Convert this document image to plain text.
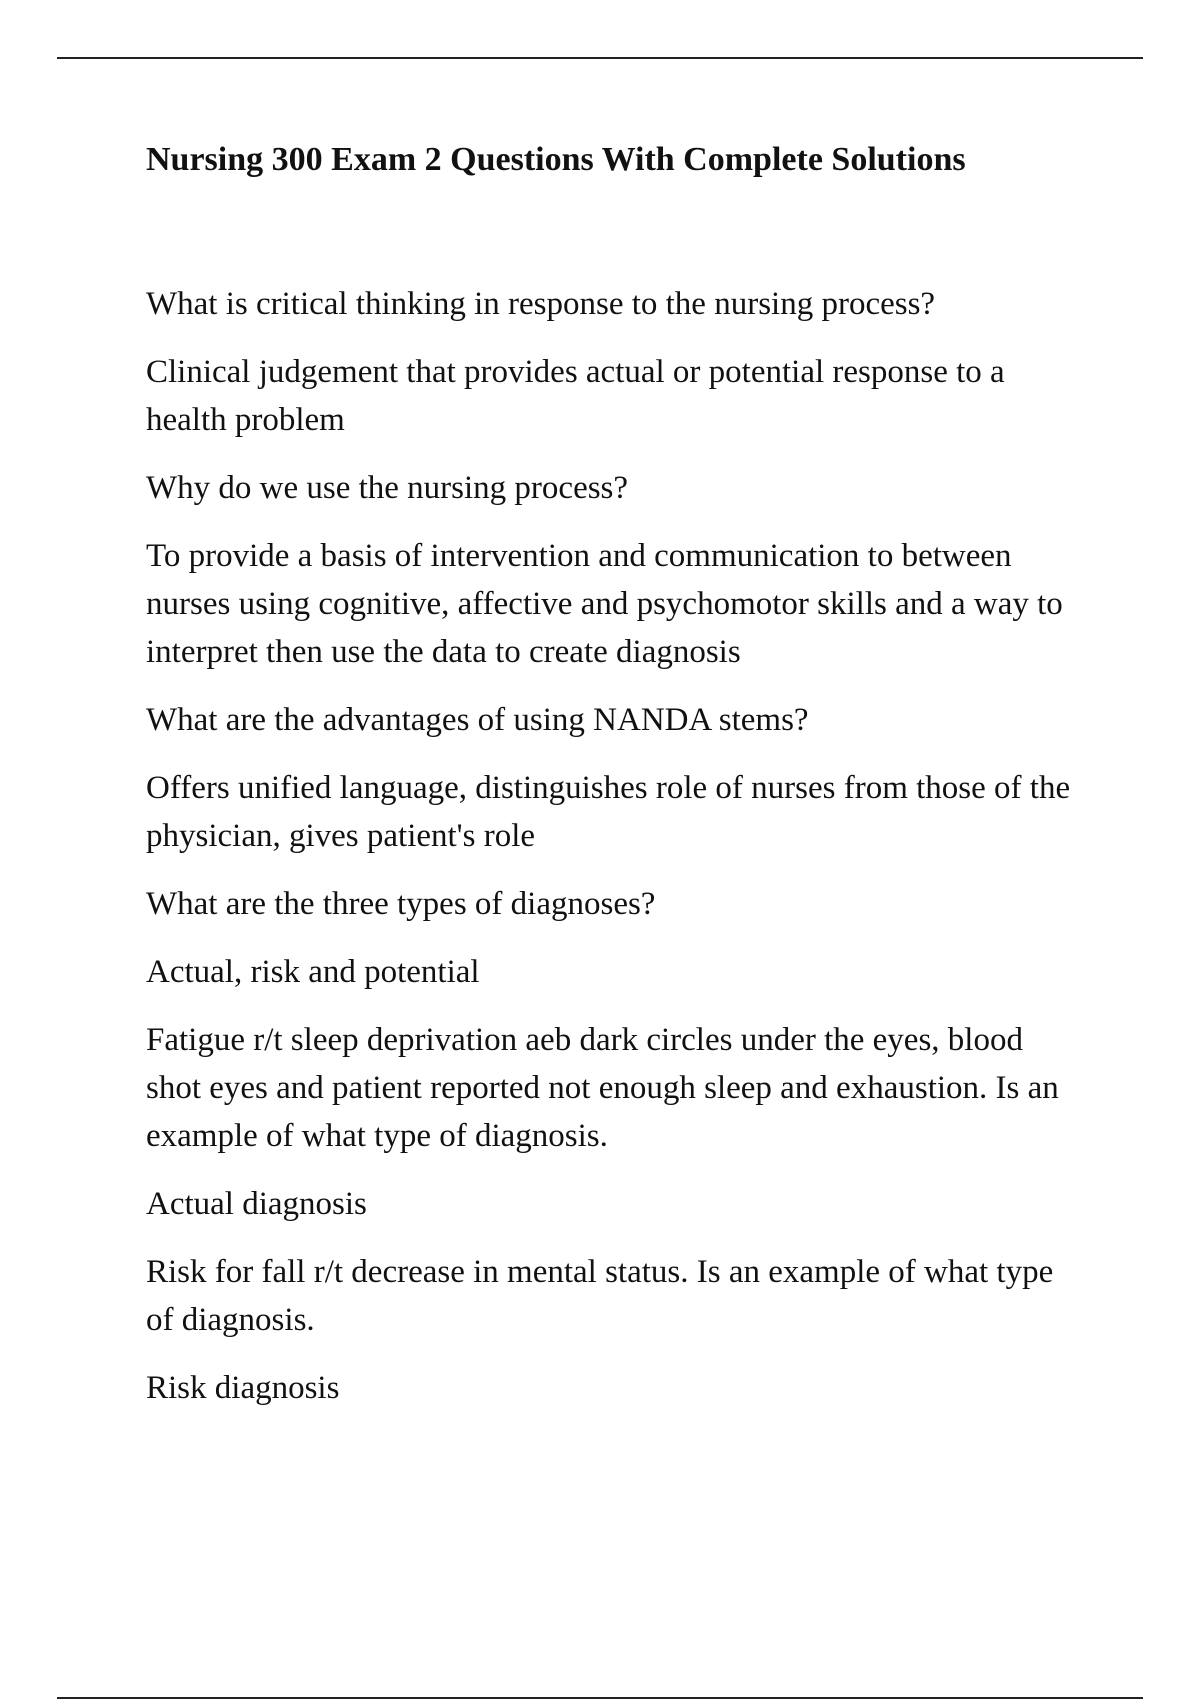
Nursing 300 Exam 2 Questions With Complete Solutions

What is critical thinking in response to the nursing process?

Clinical judgement that provides actual or potential response to a health problem

Why do we use the nursing process?

To provide a basis of intervention and communication to between nurses using cognitive, affective and psychomotor skills and a way to interpret then use the data to create diagnosis

What are the advantages of using NANDA stems?

Offers unified language, distinguishes role of nurses from those of the physician, gives patient's role

What are the three types of diagnoses?

Actual, risk and potential

Fatigue r/t sleep deprivation aeb dark circles under the eyes, blood shot eyes and patient reported not enough sleep and exhaustion. Is an example of what type of diagnosis.

Actual diagnosis

Risk for fall r/t decrease in mental status. Is an example of what type of diagnosis.

Risk diagnosis
